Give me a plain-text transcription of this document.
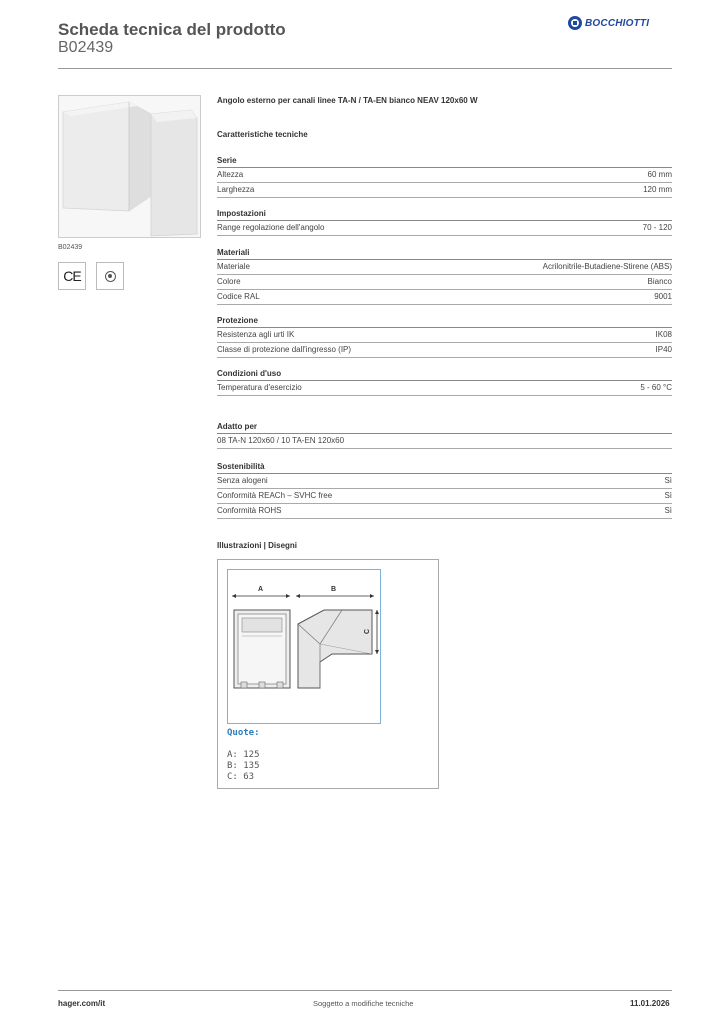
Scheda tecnica del prodotto
B02439
BOCCHIOTTI
B02439
CE
Angolo esterno per canali linee TA-N / TA-EN bianco NEAV 120x60 W
Caratteristiche tecniche
Serie
Altezza	60 mm
Larghezza	120 mm
Impostazioni
Range regolazione dell'angolo	70 - 120
Materiali
Materiale	Acrilonitrile-Butadiene-Stirene (ABS)
Colore	Bianco
Codice RAL	9001
Protezione
Resistenza agli urti IK	IK08
Classe di protezione dall'ingresso (IP)	IP40
Condizioni d'uso
Temperatura d'esercizio	5 - 60 °C
Adatto per
08 TA-N 120x60 / 10 TA-EN 120x60
Sostenibilità
Senza alogeni	Sì
Conformità REACh – SVHC free	Sì
Conformità ROHS	Sì
Illustrazioni | Disegni
A	B
C
Quote:
A: 125
B: 135
C: 63
hager.com/it	Soggetto a modifiche tecniche	11.01.2026
